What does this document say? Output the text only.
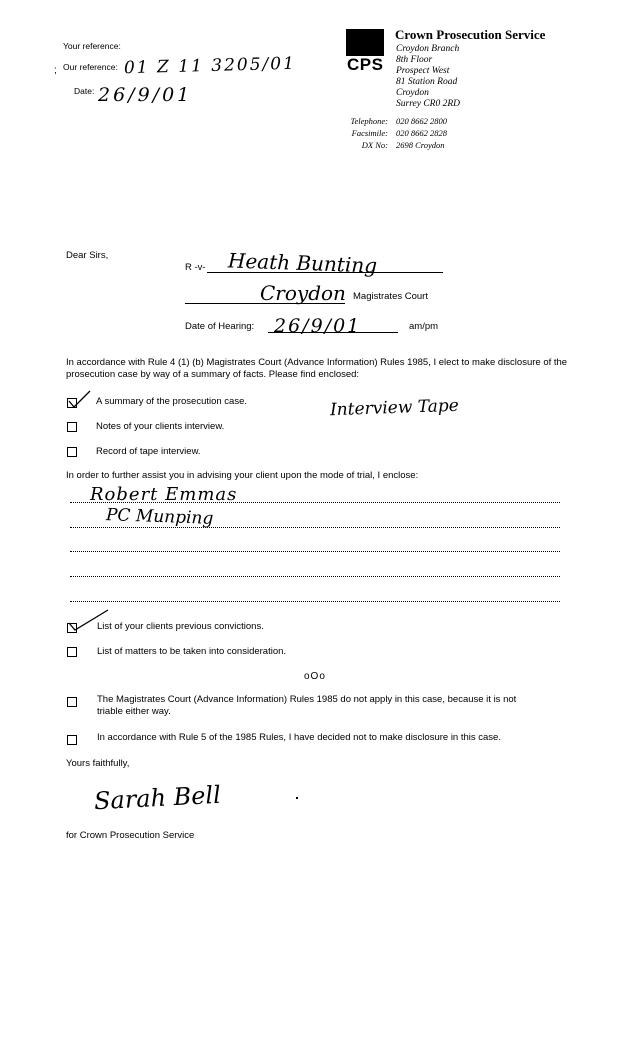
Your reference:
Our reference: 01 Z 11 3205/01
;
Date: 26/9/01
CPS
Crown Prosecution Service
Croydon Branch
8th Floor
Prospect West
81 Station Road
Croydon
Surrey CR0 2RD
Telephone: 020 8662 2800
Facsimile: 020 8662 2828
DX No: 2698 Croydon
Dear Sirs,
R -v- Heath Bunting
Croydon Magistrates Court
Date of Hearing: 26/9/01	am/pm
In accordance with Rule 4 (1) (b) Magistrates Court (Advance Information) Rules 1985, I elect to make disclosure of the prosecution case by way of a summary of facts. Please find enclosed:
A summary of the prosecution case.	Interview Tape
Notes of your clients interview.
Record of tape interview.
In order to further assist you in advising your client upon the mode of trial, I enclose:
Robert Emmas
PC Munping
List of your clients previous convictions.
List of matters to be taken into consideration.
oOo
The Magistrates Court (Advance Information) Rules 1985 do not apply in this case, because it is not
triable either way.
In accordance with Rule 5 of the 1985 Rules, I have decided not to make disclosure in this case.
Yours faithfully,
Sarah Bell
for Crown Prosecution Service
